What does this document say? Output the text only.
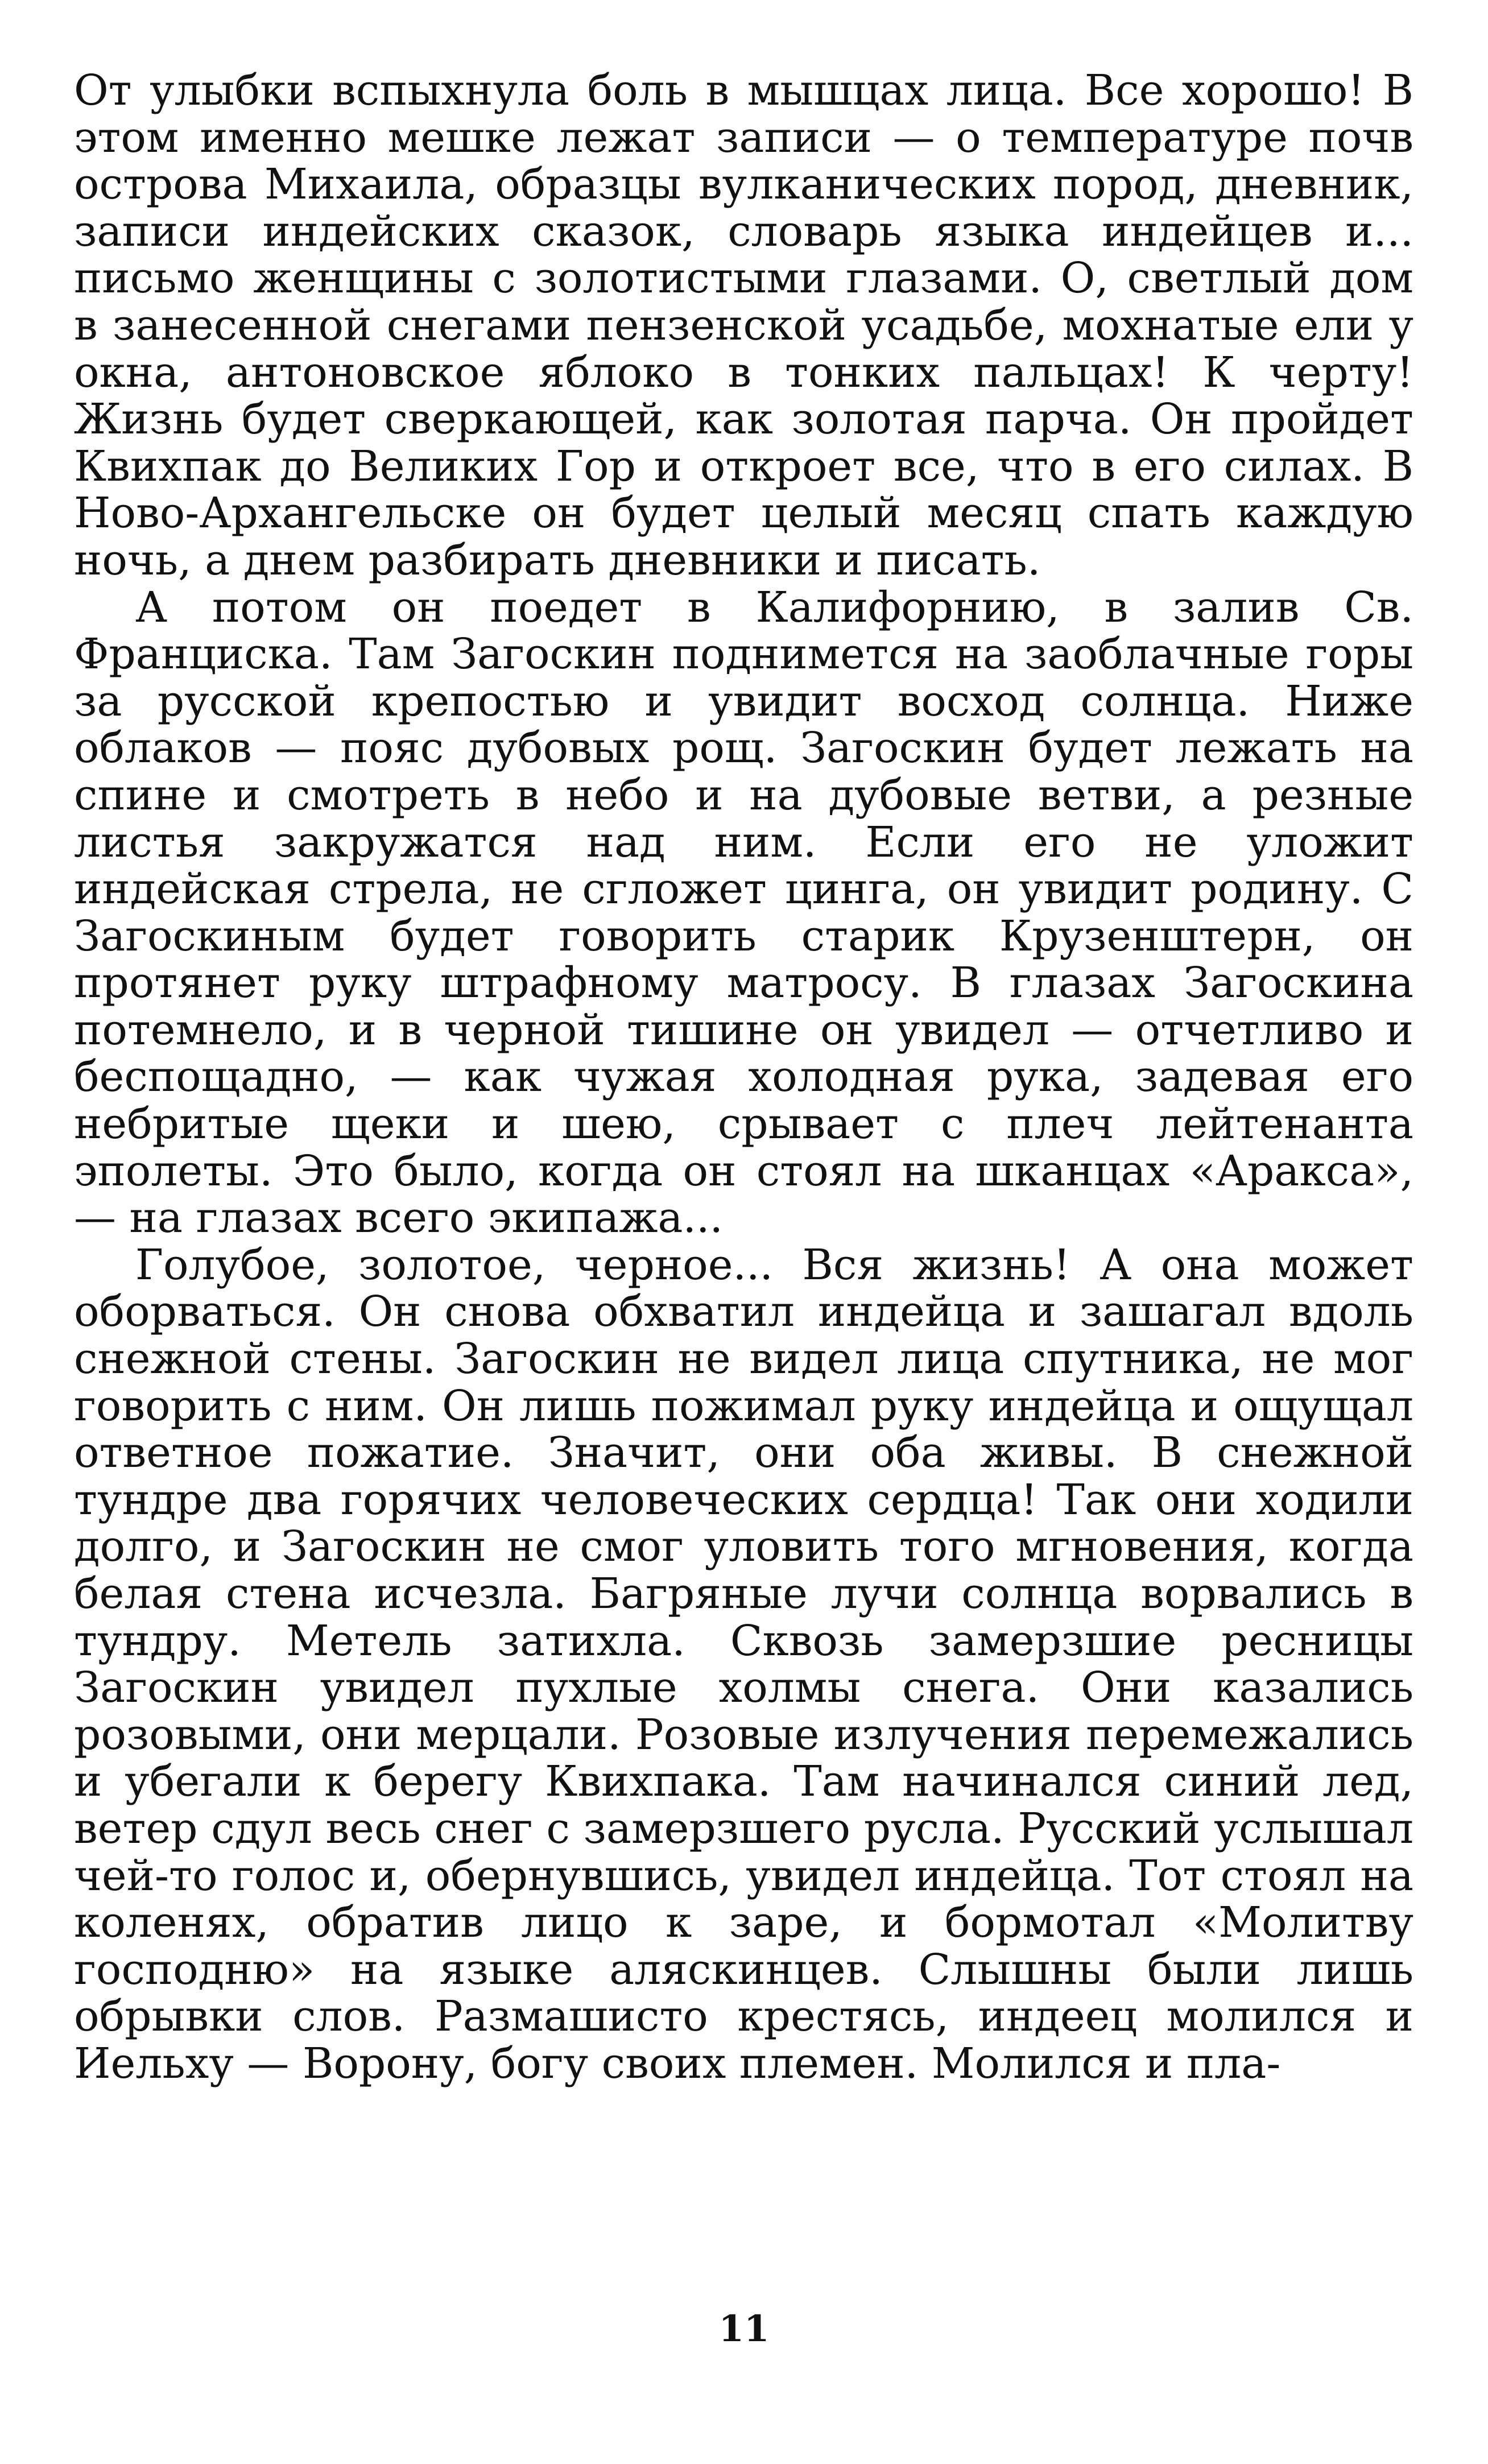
От улыбки вспыхнула боль в мышцах лица. Все хорошо! В этом именно мешке лежат записи — о температуре почв острова Михаила, образцы вулканических пород, дневник, записи индейских сказок, словарь языка индейцев и... письмо женщины с золотистыми глазами. О, светлый дом в занесенной снегами пензенской усадьбе, мохнатые ели у окна, антоновское яблоко в тонких пальцах! К черту! Жизнь будет сверкающей, как золотая парча. Он пройдет Квихпак до Великих Гор и откроет все, что в его силах. В Ново-Архангельске он будет целый месяц спать каждую ночь, а днем разбирать дневники и писать.

А потом он поедет в Калифорнию, в залив Св. Франциска. Там Загоскин поднимется на заоблачные горы за русской крепостью и увидит восход солнца. Ниже облаков — пояс дубовых рощ. Загоскин будет лежать на спине и смотреть в небо и на дубовые ветви, а резные листья закружатся над ним. Если его не уложит индейская стрела, не сгложет цинга, он увидит родину. С Загоскиным будет говорить старик Крузенштерн, он протянет руку штрафному матросу. В глазах Загоскина потемнело, и в черной тишине он увидел — отчетливо и беспощадно, — как чужая холодная рука, задевая его небритые щеки и шею, срывает с плеч лейтенанта эполеты. Это было, когда он стоял на шканцах «Аракса», — на глазах всего экипажа...

Голубое, золотое, черное... Вся жизнь! А она может оборваться. Он снова обхватил индейца и зашагал вдоль снежной стены. Загоскин не видел лица спутника, не мог говорить с ним. Он лишь пожимал руку индейца и ощущал ответное пожатие. Значит, они оба живы. В снежной тундре два горячих человеческих сердца! Так они ходили долго, и Загоскин не смог уловить того мгновения, когда белая стена исчезла. Багряные лучи солнца ворвались в тундру. Метель затихла. Сквозь замерзшие ресницы Загоскин увидел пухлые холмы снега. Они казались розовыми, они мерцали. Розовые излучения перемежались и убегали к берегу Квихпака. Там начинался синий лед, ветер сдул весь снег с замерзшего русла. Русский услышал чей-то голос и, обернувшись, увидел индейца. Тот стоял на коленях, обратив лицо к заре, и бормотал «Молитву господню» на языке аляскинцев. Слышны были лишь обрывки слов. Размашисто крестясь, индеец молился и Иельху — Ворону, богу своих племен. Молился и пла-

11
